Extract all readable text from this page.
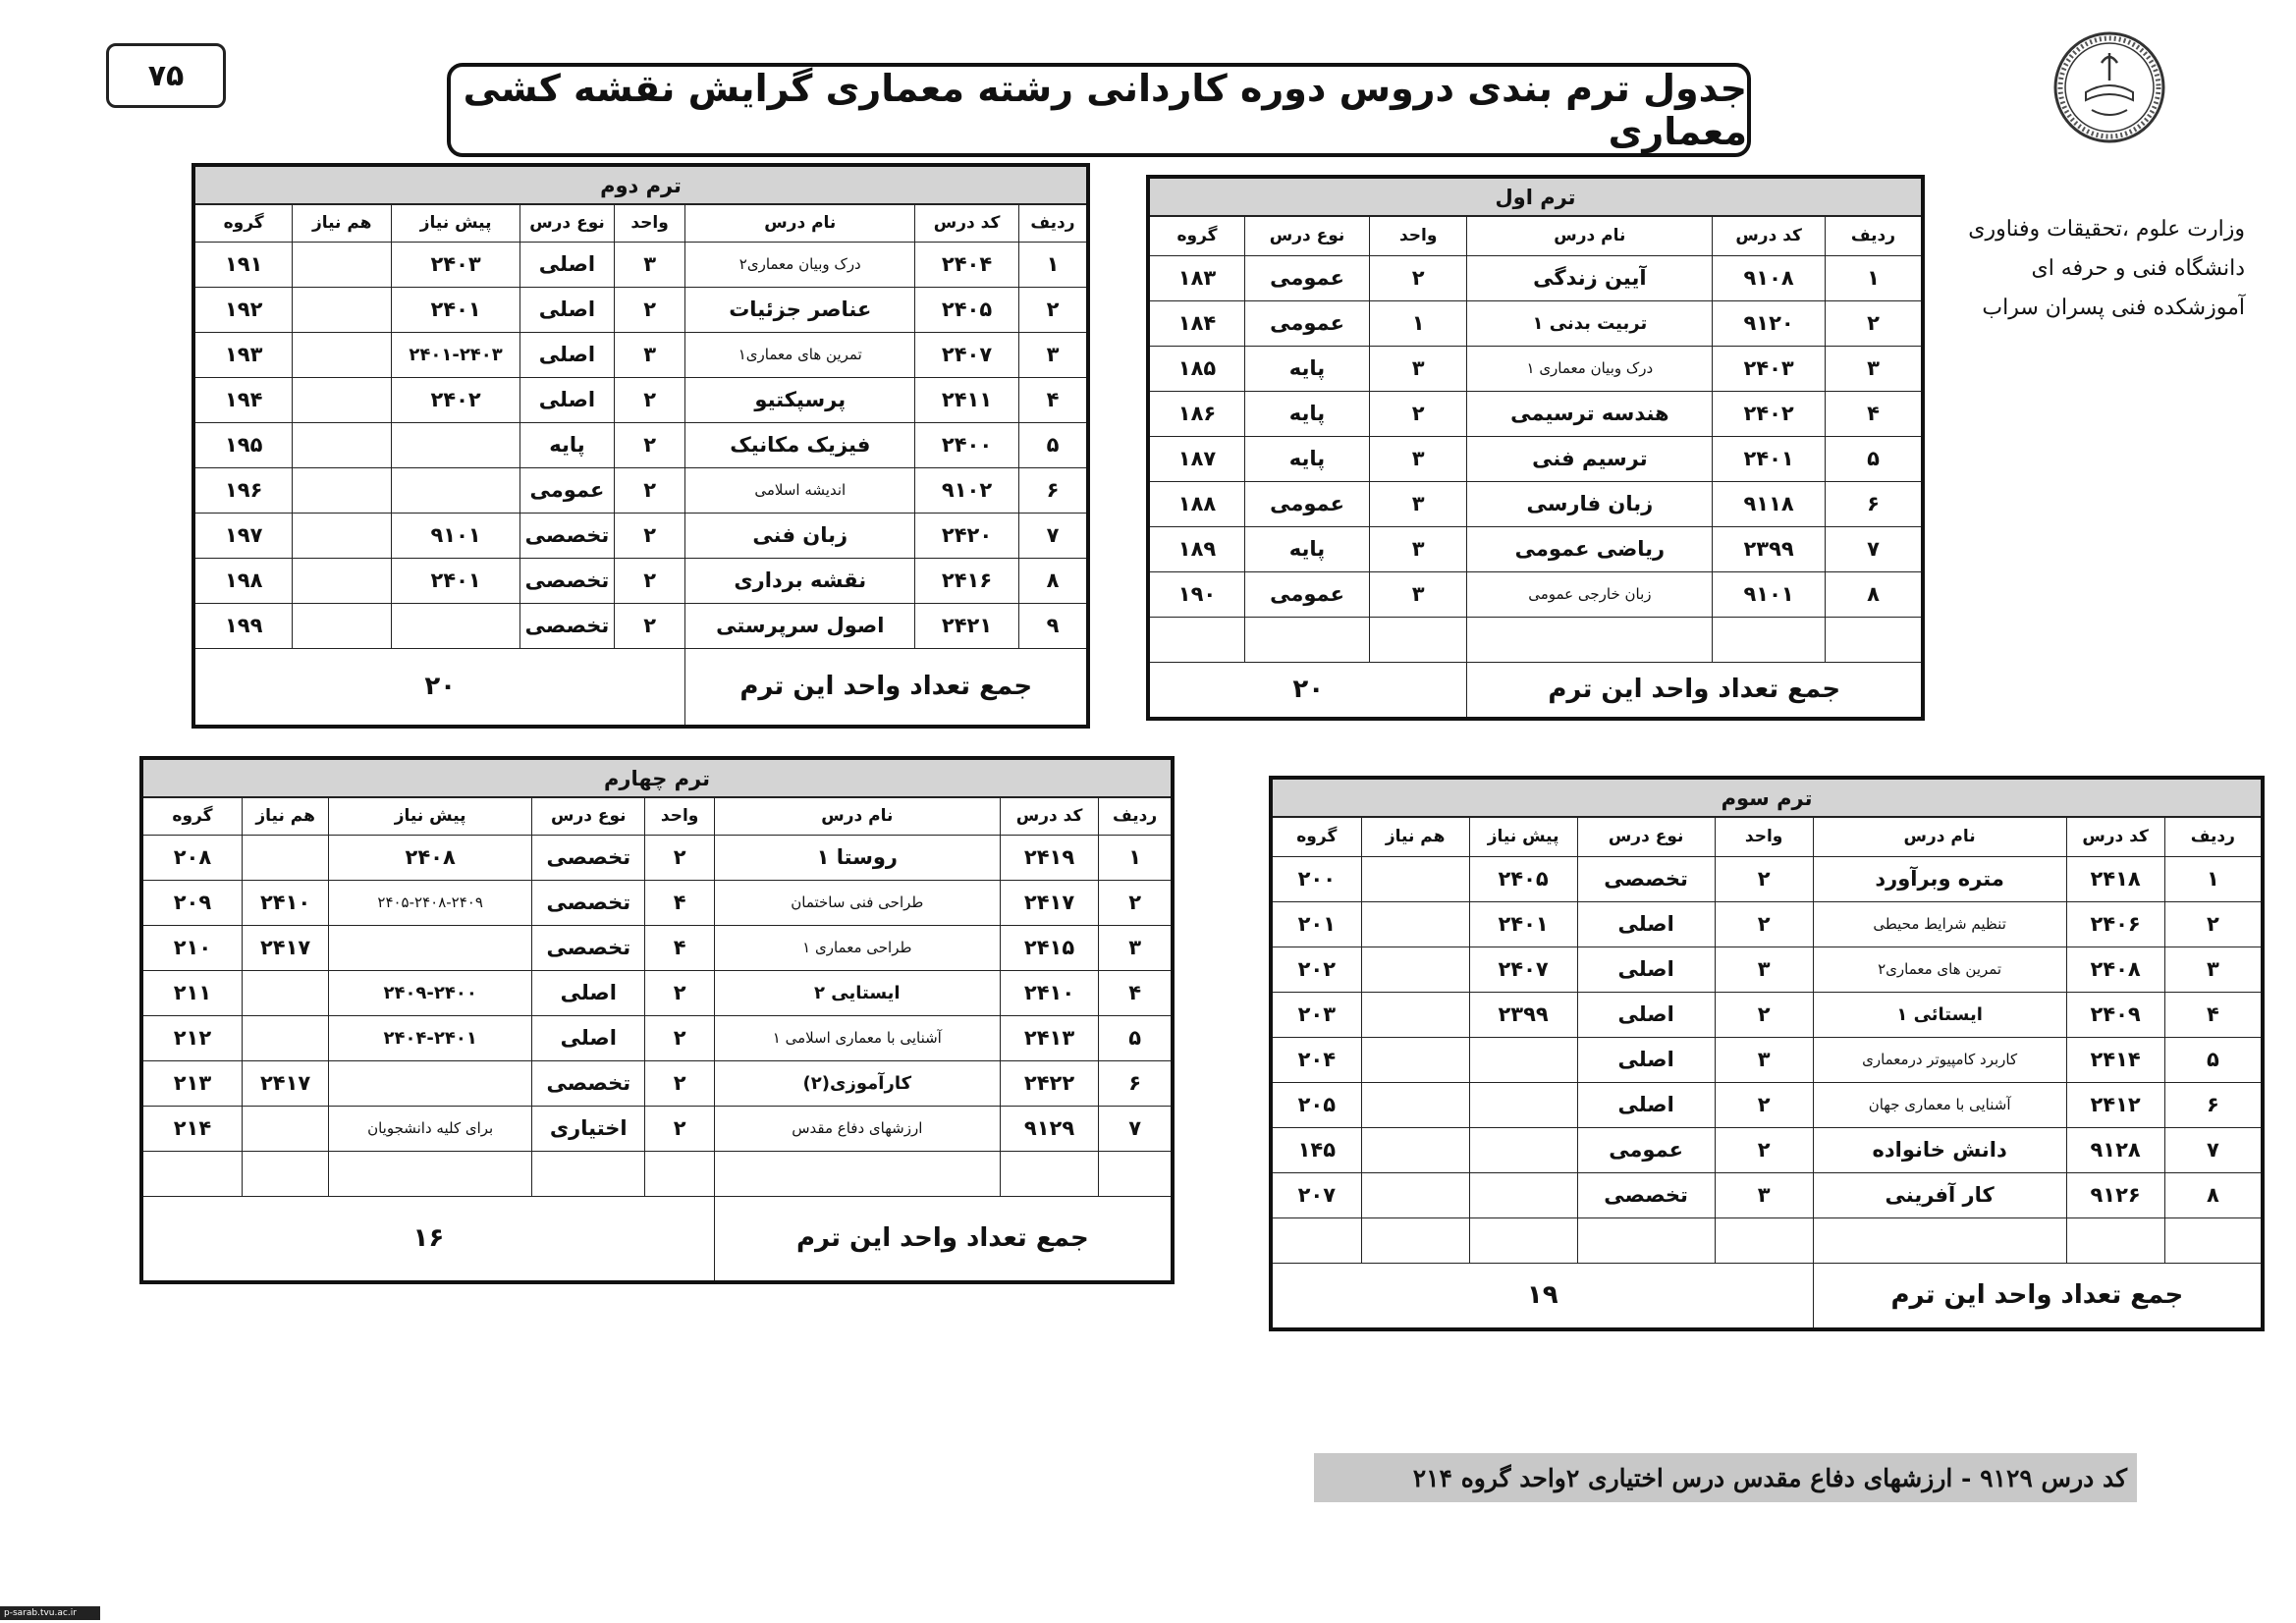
۷۵	جدول ترم بندی دروس دوره کاردانی رشته معماری گرایش نقشه کشی معماری
وزارت علوم ،تحقیقات وفناوری
دانشگاه فنی و حرفه ای
آموزشکده فنی پسران سراب
ترم اول					
ردیف	کد درس	نام درس	واحد	نوع درس	گروه
۱	۹۱۰۸	آیین زندگی	۲	عمومی	۱۸۳
۲	۹۱۲۰	تربیت بدنی ۱	۱	عمومی	۱۸۴
۳	۲۴۰۳	درک وبیان معماری ۱	۳	پایه	۱۸۵
۴	۲۴۰۲	هندسه ترسیمی	۲	پایه	۱۸۶
۵	۲۴۰۱	ترسیم فنی	۳	پایه	۱۸۷
۶	۹۱۱۸	زبان فارسی	۳	عمومی	۱۸۸
۷	۲۳۹۹	ریاضی عمومی	۳	پایه	۱۸۹
۸	۹۱۰۱	زبان خارجی عمومی	۳	عمومی	۱۹۰

جمع تعداد واحد این ترم			۲۰		
ترم دوم							
ردیف	کد درس	نام درس	واحد	نوع درس	پیش نیاز	هم نیاز	گروه
۱	۲۴۰۴	درک وبیان معماری۲	۳	اصلی	۲۴۰۳		۱۹۱
۲	۲۴۰۵	عناصر جزئیات	۲	اصلی	۲۴۰۱		۱۹۲
۳	۲۴۰۷	تمرین های معماری۱	۳	اصلی	۲۴۰۱-۲۴۰۳		۱۹۳
۴	۲۴۱۱	پرسپکتیو	۲	اصلی	۲۴۰۲		۱۹۴
۵	۲۴۰۰	فیزیک مکانیک	۲	پایه			۱۹۵
۶	۹۱۰۲	اندیشه اسلامی	۲	عمومی			۱۹۶
۷	۲۴۲۰	زبان فنی	۲	تخصصی	۹۱۰۱		۱۹۷
۸	۲۴۱۶	نقشه برداری	۲	تخصصی	۲۴۰۱		۱۹۸
۹	۲۴۲۱	اصول سرپرستی	۲	تخصصی			۱۹۹
جمع تعداد واحد این ترم			۲۰				
ترم سوم							
ردیف	کد درس	نام درس	واحد	نوع درس	پیش نیاز	هم نیاز	گروه
۱	۲۴۱۸	متره وبرآورد	۲	تخصصی	۲۴۰۵		۲۰۰
۲	۲۴۰۶	تنظیم شرایط محیطی	۲	اصلی	۲۴۰۱		۲۰۱
۳	۲۴۰۸	تمرین های معماری۲	۳	اصلی	۲۴۰۷		۲۰۲
۴	۲۴۰۹	ایستائی ۱	۲	اصلی	۲۳۹۹		۲۰۳
۵	۲۴۱۴	کاربرد کامپیوتر درمعماری	۳	اصلی			۲۰۴
۶	۲۴۱۲	آشنایی با معماری جهان	۲	اصلی			۲۰۵
۷	۹۱۲۸	دانش خانواده	۲	عمومی			۱۴۵
۸	۹۱۲۶	کار آفرینی	۳	تخصصی			۲۰۷

جمع تعداد واحد این ترم			۱۹				
ترم چهارم							
ردیف	کد درس	نام درس	واحد	نوع درس	پیش نیاز	هم نیاز	گروه
۱	۲۴۱۹	روستا ۱	۲	تخصصی	۲۴۰۸		۲۰۸
۲	۲۴۱۷	طراحی فنی ساختمان	۴	تخصصی	۲۴۰۵-۲۴۰۸-۲۴۰۹	۲۴۱۰	۲۰۹
۳	۲۴۱۵	طراحی معماری ۱	۴	تخصصی		۲۴۱۷	۲۱۰
۴	۲۴۱۰	ایستایی ۲	۲	اصلی	۲۴۰۹-۲۴۰۰		۲۱۱
۵	۲۴۱۳	آشنایی با معماری اسلامی ۱	۲	اصلی	۲۴۰۴-۲۴۰۱		۲۱۲
۶	۲۴۲۲	کارآموزی(۲)	۲	تخصصی		۲۴۱۷	۲۱۳
۷	۹۱۲۹	ارزشهای دفاع مقدس	۲	اختیاری	برای کلیه دانشجویان		۲۱۴

جمع تعداد واحد این ترم			۱۶				
کد درس ۹۱۲۹ - ارزشهای دفاع مقدس درس اختیاری ۲واحد گروه ۲۱۴
p-sarab.tvu.ac.ir
